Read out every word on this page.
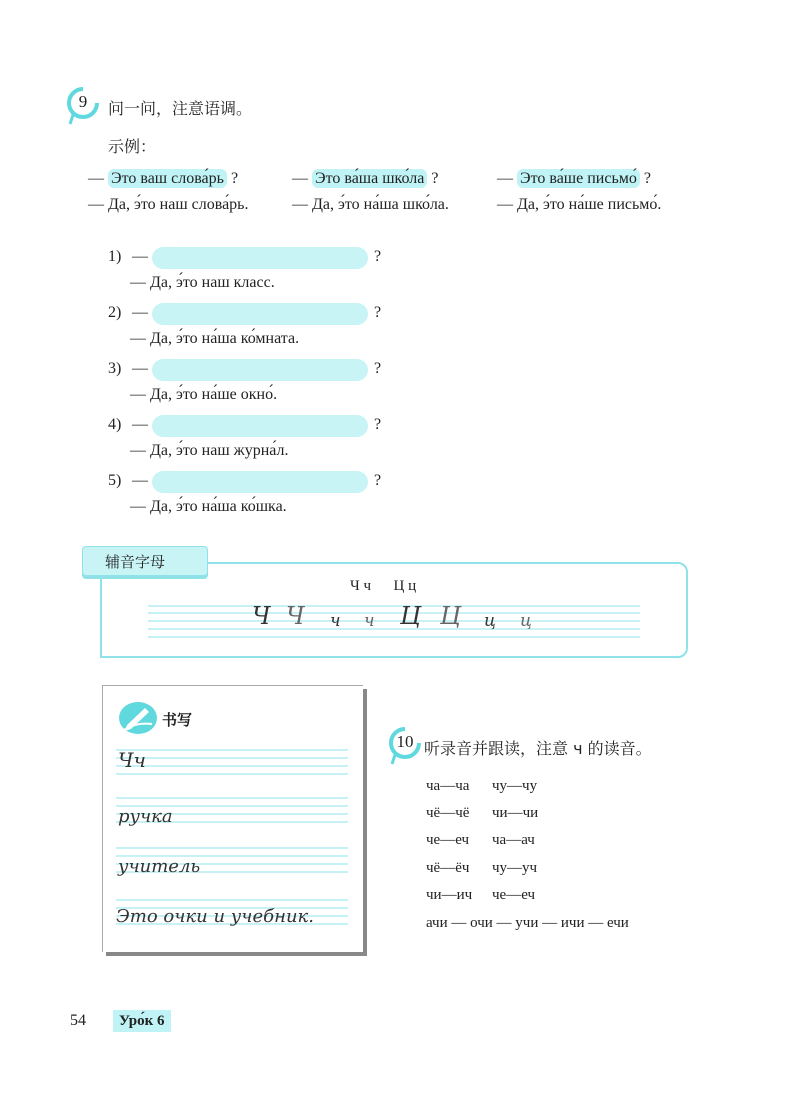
9	问一问，注意语调。
示例：
— Это ваш слова́рь ?
— Да, э́то наш слова́рь.
— Это ва́ша шко́ла ?
— Да, э́то на́ша шко́ла.
— Это ва́ше письмо́ ?
— Да, э́то на́ше письмо́.
1) —	?
— Да, э́то наш класс.
2) —	?
— Да, э́то на́ша ко́мната.
3) —	?
— Да, э́то на́ше окно́.
4) —	?
— Да, э́то наш журна́л.
5) —	?
— Да, э́то на́ша ко́шка.
辅音字母
Ч ч      Ц ц
Ч Ч ч ч Ц Ц ц ц
书写
Чч
ручка
учитель
Это очки и учебник.
10 听录音并跟读，注意 ч 的读音。
ча—ча чу—чу
чё—чё чи—чи
че—еч ча—ач
чё—ёч чу—уч
чи—ич че—еч
ачи — очи — учи — ичи — ечи
54	Уро́к 6
